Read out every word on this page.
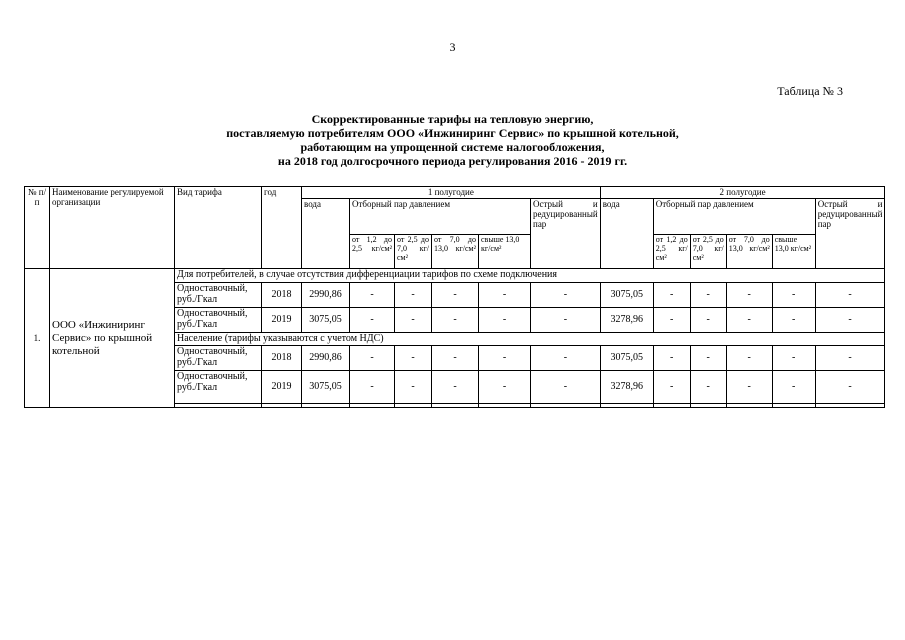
3
Таблица № 3
Скорректированные тарифы на тепловую энергию,
поставляемую потребителям ООО «Инжиниринг Сервис» по крышной котельной,
работающим на упрощенной системе налогообложения,
на 2018 год долгосрочного периода регулирования 2016 - 2019 гг.
№ п/п	Наименование регулируемой организации	Вид тарифа	год	1 полугодие						2 полугодие					
				вода	Отборный пар давлением				Острый и редуцированный пар	вода	Отборный пар давлением				Острый и редуцированный пар
					от 1,2 до 2,5 кг/см²	от 2,5 до 7,0 кг/см²	от 7,0 до 13,0 кг/см²	свыше 13,0 кг/см²			от 1,2 до 2,5 кг/см²	от 2,5 до 7,0 кг/см²	от 7,0 до 13,0 кг/см²	свыше 13,0 кг/см²	
1.	ООО «Инжиниринг Сервис» по крышной котельной	Для потребителей, в случае отсутствия дифференциации тарифов по схеме подключения													
		Одноставочный, руб./Гкал	2018	2990,86	-	-	-	-	-	3075,05	-	-	-	-	-
		Одноставочный, руб./Гкал	2019	3075,05	-	-	-	-	-	3278,96	-	-	-	-	-
		Население (тарифы указываются с учетом НДС)													
		Одноставочный, руб./Гкал	2018	2990,86	-	-	-	-	-	3075,05	-	-	-	-	-
		Одноставочный, руб./Гкал	2019	3075,05	-	-	-	-	-	3278,96	-	-	-	-	-
